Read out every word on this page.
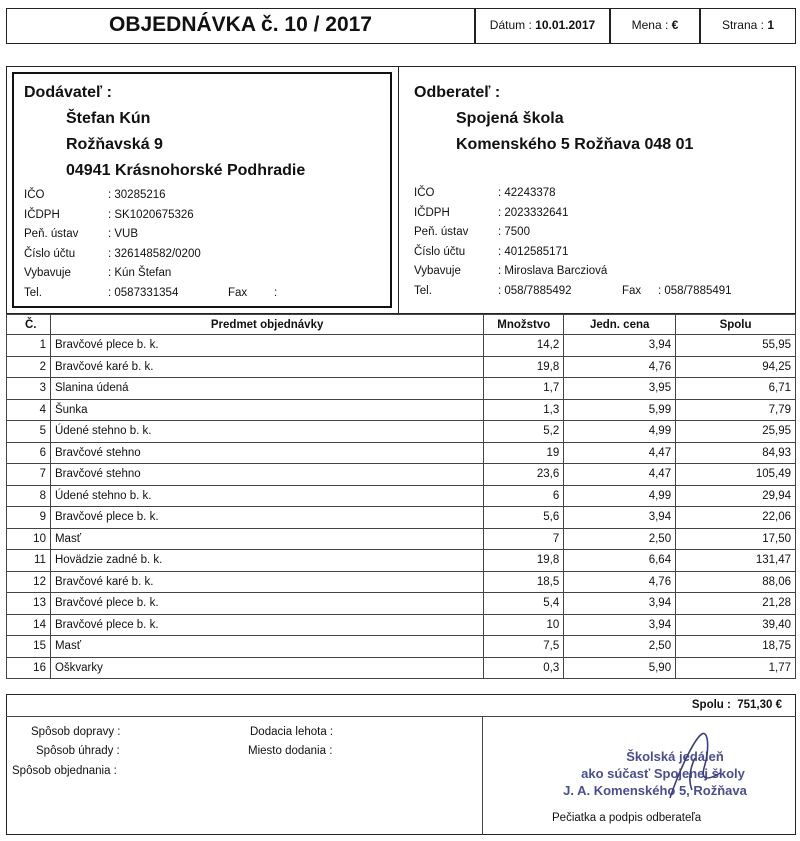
OBJEDNÁVKA č. 10 / 2017	Dátum : 10.01.2017	Mena : €	Strana : 1
Dodávateľ :
Štefan Kún
Rožňavská 9
04941 Krásnohorské Podhradie
IČO	: 30285216
IČDPH	: SK1020675326
Peň. ústav	: VUB
Číslo účtu	: 326148582/0200
Vybavuje	: Kún Štefan
Tel.	: 0587331354	Fax :
Odberateľ :
Spojená škola
Komenského 5 Rožňava 048 01
IČO	: 42243378
IČDPH	: 2023332641
Peň. ústav	: 7500
Číslo účtu	: 4012585171
Vybavuje	: Miroslava Barcziová
Tel.	: 058/7885492	Fax : 058/7885491
Č.	Predmet objednávky	Množstvo	Jedn. cena	Spolu
1	Bravčové plece b. k.	14,2	3,94	55,95
2	Bravčové karé b. k.	19,8	4,76	94,25
3	Slanina údená	1,7	3,95	6,71
4	Šunka	1,3	5,99	7,79
5	Údené stehno b. k.	5,2	4,99	25,95
6	Bravčové stehno	19	4,47	84,93
7	Bravčové stehno	23,6	4,47	105,49
8	Údené stehno b. k.	6	4,99	29,94
9	Bravčové plece b. k.	5,6	3,94	22,06
10	Masť	7	2,50	17,50
11	Hovädzie zadné b. k.	19,8	6,64	131,47
12	Bravčové karé b. k.	18,5	4,76	88,06
13	Bravčové plece b. k.	5,4	3,94	21,28
14	Bravčové plece b. k.	10	3,94	39,40
15	Masť	7,5	2,50	18,75
16	Oškvarky	0,3	5,90	1,77
Spolu : 751,30 €
Spôsob dopravy :
Spôsob úhrady :
Spôsob objednania :
Dodacia lehota :
Miesto dodania :	Školská jedáleň
ako súčasť Spojenej školy
J. A. Komenského 5, Rožňava
Pečiatka a podpis odberateľa
